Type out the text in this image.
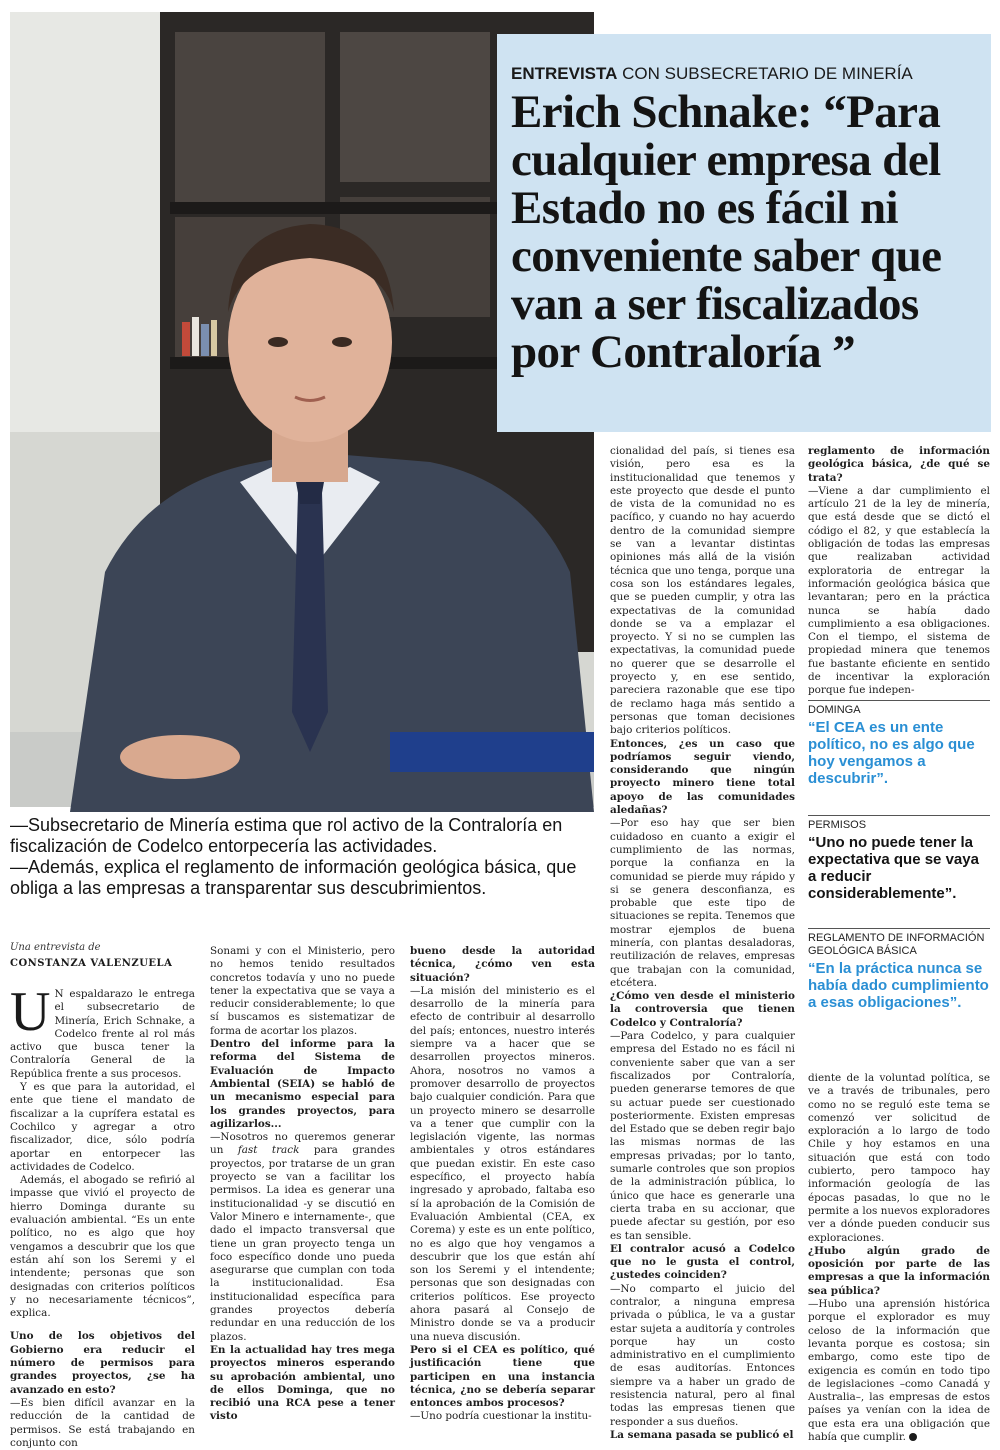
ENTREVISTA CON SUBSECRETARIO DE MINERÍA

Erich Schnake: “Para cualquier empresa del Estado no es fácil ni conveniente saber que van a ser fiscalizados por Contraloría ”

—Subsecretario de Minería estima que rol activo de la Contraloría en fiscalización de Codelco entorpecería las actividades.

—Además, explica el reglamento de información geológica básica, que obliga a las empresas a transparentar sus descubrimientos.

Una entrevista de
CONSTANZA VALENZUELA

U N espaldarazo le entrega el subsecretario de Minería, Erich Schnake, a Codelco frente al rol más activo que busca tener la Contraloría General de la República frente a sus procesos.

Y es que para la autoridad, el ente que tiene el mandato de fiscalizar a la cuprífera estatal es Cochilco y agregar a otro fiscalizador, dice, sólo podría aportar en entorpecer las actividades de Codelco.

Además, el abogado se refirió al impasse que vivió el proyecto de hierro Dominga durante su evaluación ambiental. “Es un ente político, no es algo que hoy vengamos a descubrir que los que están ahí son los Seremi y el intendente; personas que son designadas con criterios políticos y no necesariamente técnicos”, explica.

Uno de los objetivos del Gobierno era reducir el número de permisos para grandes proyectos, ¿se ha avanzado en esto?

—Es bien difícil avanzar en la reducción de la cantidad de permisos. Se está trabajando en conjunto con

Sonami y con el Ministerio, pero no hemos tenido resultados concretos todavía y uno no puede tener la expectativa que se vaya a reducir considerablemente; lo que sí buscamos es sistematizar de forma de acortar los plazos.

Dentro del informe para la reforma del Sistema de Evaluación de Impacto Ambiental (SEIA) se habló de un mecanismo especial para los grandes proyectos, para agilizarlos...

—Nosotros no queremos generar un fast track para grandes proyectos, por tratarse de un gran proyecto se van a facilitar los permisos. La idea es generar una institucionalidad -y se discutió en Valor Minero e internamente-, que dado el impacto transversal que tiene un gran proyecto tenga un foco específico donde uno pueda asegurarse que cumplan con toda la institucionalidad. Esa institucionalidad específica para grandes proyectos debería redundar en una reducción de los plazos.

En la actualidad hay tres mega proyectos mineros esperando su aprobación ambiental, uno de ellos Dominga, que no recibió una RCA pese a tener visto

bueno desde la autoridad técnica, ¿cómo ven esta situación?

—La misión del ministerio es el desarrollo de la minería para efecto de contribuir al desarrollo del país; entonces, nuestro interés siempre va a hacer que se desarrollen proyectos mineros. Ahora, nosotros no vamos a promover desarrollo de proyectos bajo cualquier condición. Para que un proyecto minero se desarrolle va a tener que cumplir con la legislación vigente, las normas ambientales y otros estándares que puedan existir. En este caso específico, el proyecto había ingresado y aprobado, faltaba eso sí la aprobación de la Comisión de Evaluación Ambiental (CEA, ex Corema) y este es un ente político, no es algo que hoy vengamos a descubrir que los que están ahí son los Seremi y el intendente; personas que son designadas con criterios políticos. Ese proyecto ahora pasará al Consejo de Ministro donde se va a producir una nueva discusión.

Pero si el CEA es político, qué justificación tiene que participen en una instancia técnica, ¿no se debería separar entonces ambos procesos?

—Uno podría cuestionar la institu-

cionalidad del país, si tienes esa visión, pero esa es la institucionalidad que tenemos y este proyecto que desde el punto de vista de la comunidad no es pacífico, y cuando no hay acuerdo dentro de la comunidad siempre se van a levantar distintas opiniones más allá de la visión técnica que uno tenga, porque una cosa son los estándares legales, que se pueden cumplir, y otra las expectativas de la comunidad donde se va a emplazar el proyecto. Y si no se cumplen las expectativas, la comunidad puede no querer que se desarrolle el proyecto y, en ese sentido, pareciera razonable que ese tipo de reclamo haga más sentido a personas que toman decisiones bajo criterios políticos.

Entonces, ¿es un caso que podríamos seguir viendo, considerando que ningún proyecto minero tiene total apoyo de las comunidades aledañas?

—Por eso hay que ser bien cuidadoso en cuanto a exigir el cumplimiento de las normas, porque la confianza en la comunidad se pierde muy rápido y si se genera desconfianza, es probable que este tipo de situaciones se repita. Tenemos que mostrar ejemplos de buena minería, con plantas desaladoras, reutilización de relaves, empresas que trabajan con la comunidad, etcétera.

¿Cómo ven desde el ministerio la controversia que tienen Codelco y Contraloría?

—Para Codelco, y para cualquier empresa del Estado no es fácil ni conveniente saber que van a ser fiscalizados por Contraloría, pueden generarse temores de que su actuar puede ser cuestionado posteriormente. Existen empresas del Estado que se deben regir bajo las mismas normas de las empresas privadas; por lo tanto, sumarle controles que son propios de la administración pública, lo único que hace es generarle una cierta traba en su accionar, que puede afectar su gestión, por eso es tan sensible.

El contralor acusó a Codelco que no le gusta el control, ¿ustedes coinciden?

—No comparto el juicio del contralor, a ninguna empresa privada o pública, le va a gustar estar sujeta a auditoría y controles porque hay un costo administrativo en el cumplimiento de esas auditorías. Entonces siempre va a haber un grado de resistencia natural, pero al final todas las empresas tienen que responder a sus dueños.

La semana pasada se publicó el

reglamento de información geológica básica, ¿de qué se trata?

—Viene a dar cumplimiento el artículo 21 de la ley de minería, que está desde que se dictó el código el 82, y que establecía la obligación de todas las empresas que realizaban actividad exploratoria de entregar la información geológica básica que levantaran; pero en la práctica nunca se había dado cumplimiento a esa obligaciones. Con el tiempo, el sistema de propiedad minera que tenemos fue bastante eficiente en sentido de incentivar la exploración porque fue indepen-

DOMINGA

“El CEA es un ente político, no es algo que hoy vengamos a descubrir”.

PERMISOS

“Uno no puede tener la expectativa que se vaya a reducir considerablemente”.

REGLAMENTO DE INFORMACIÓN GEOLÓGICA BÁSICA

“En la práctica nunca se había dado cumplimiento a esas obligaciones”.

diente de la voluntad política, se ve a través de tribunales, pero como no se reguló este tema se comenzó ver solicitud de exploración a lo largo de todo Chile y hoy estamos en una situación que está con todo cubierto, pero tampoco hay información geología de las épocas pasadas, lo que no le permite a los nuevos exploradores ver a dónde pueden conducir sus exploraciones.

¿Hubo algún grado de oposición por parte de las empresas a que la información sea pública?

—Hubo una aprensión histórica porque el explorador es muy celoso de la información que levanta porque es costosa; sin embargo, como este tipo de exigencia es común en todo tipo de legislaciones –como Canadá y Australia–, las empresas de estos países ya venían con la idea de que esta era una obligación que había que cumplir.
